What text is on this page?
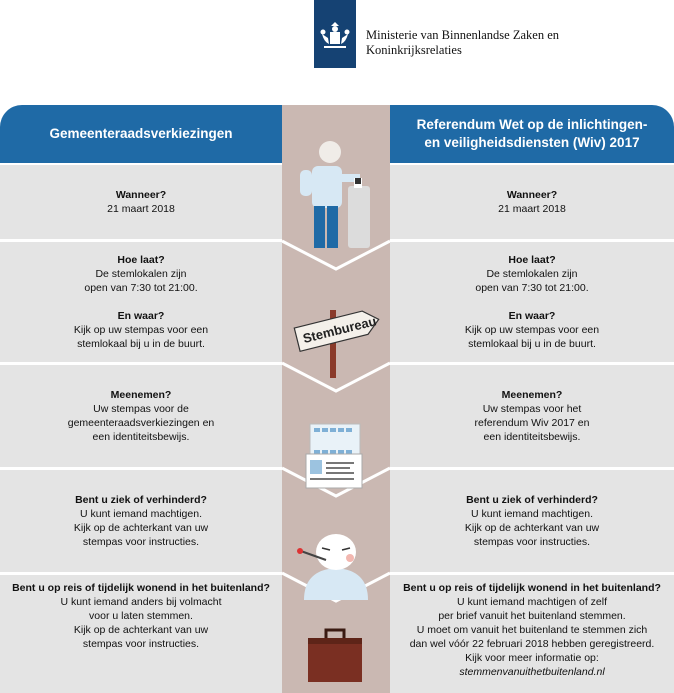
Ministerie van Binnenlandse Zaken en
Koninkrijksrelaties
Gemeenteraadsverkiezingen
Wanneer?
21 maart 2018
Hoe laat?
De stemlokalen zijn
open van 7:30 tot 21:00.
En waar?
Kijk op uw stempas voor een
stemlokaal bij u in de buurt.
Meenemen?
Uw stempas voor de
gemeenteraadsverkiezingen en
een identiteitsbewijs.
Bent u ziek of verhinderd?
U kunt iemand machtigen.
Kijk op de achterkant van uw
stempas voor instructies.
Bent u op reis of tijdelijk wonend in het buitenland?
U kunt iemand anders bij volmacht
voor u laten stemmen.
Kijk op de achterkant van uw
stempas voor instructies.
Referendum Wet op de inlichtingen-
en veiligheidsdiensten (Wiv) 2017
Wanneer?
21 maart 2018
Hoe laat?
De stemlokalen zijn
open van 7:30 tot 21:00.
En waar?
Kijk op uw stempas voor een
stemlokaal bij u in de buurt.
Meenemen?
Uw stempas voor het
referendum Wiv 2017 en
een identiteitsbewijs.
Bent u ziek of verhinderd?
U kunt iemand machtigen.
Kijk op de achterkant van uw
stempas voor instructies.
Bent u op reis of tijdelijk wonend in het buitenland?
U kunt iemand machtigen of zelf
per brief vanuit het buitenland stemmen.
U moet om vanuit het buitenland te stemmen zich
dan wel vóór 22 februari 2018 hebben geregistreerd.
Kijk voor meer informatie op:
stemmenvanuithetbuitenland.nl
Stembureau
